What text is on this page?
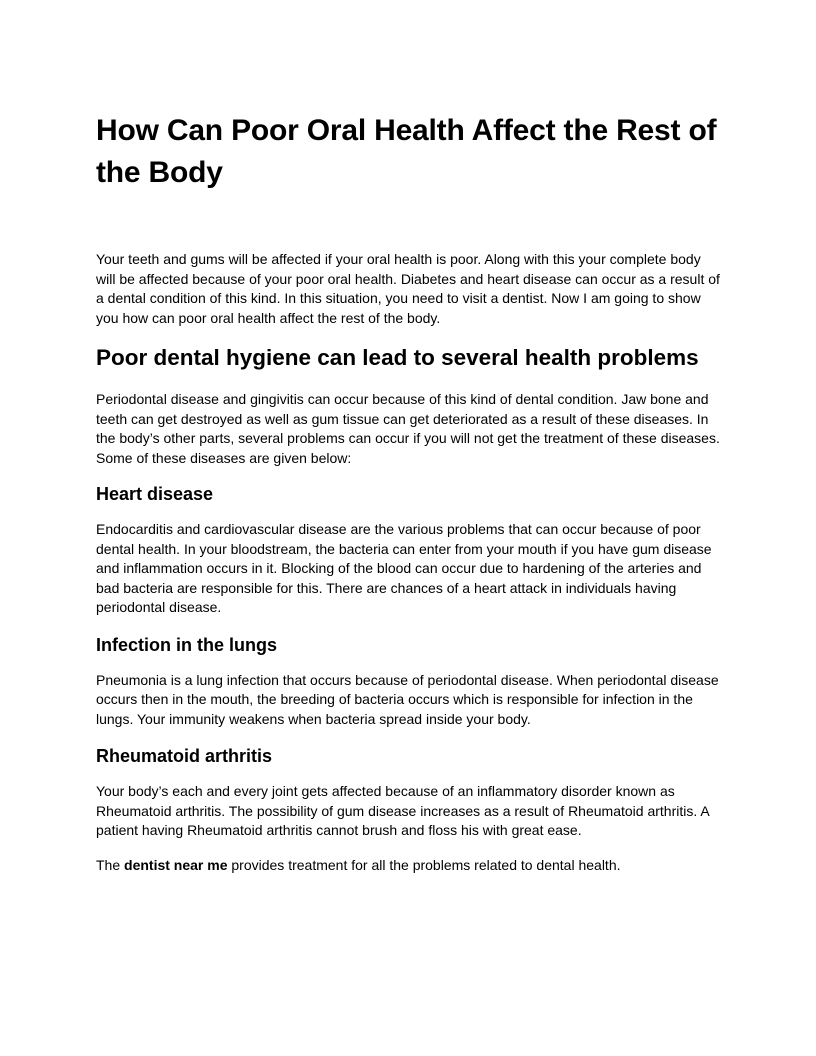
How Can Poor Oral Health Affect the Rest of the Body

Your teeth and gums will be affected if your oral health is poor. Along with this your complete body will be affected because of your poor oral health. Diabetes and heart disease can occur as a result of a dental condition of this kind. In this situation, you need to visit a dentist. Now I am going to show you how can poor oral health affect the rest of the body.

Poor dental hygiene can lead to several health problems

Periodontal disease and gingivitis can occur because of this kind of dental condition. Jaw bone and teeth can get destroyed as well as gum tissue can get deteriorated as a result of these diseases. In the body’s other parts, several problems can occur if you will not get the treatment of these diseases. Some of these diseases are given below:

Heart disease

Endocarditis and cardiovascular disease are the various problems that can occur because of poor dental health. In your bloodstream, the bacteria can enter from your mouth if you have gum disease and inflammation occurs in it. Blocking of the blood can occur due to hardening of the arteries and bad bacteria are responsible for this. There are chances of a heart attack in individuals having periodontal disease.

Infection in the lungs

Pneumonia is a lung infection that occurs because of periodontal disease. When periodontal disease occurs then in the mouth, the breeding of bacteria occurs which is responsible for infection in the lungs. Your immunity weakens when bacteria spread inside your body.

Rheumatoid arthritis

Your body’s each and every joint gets affected because of an inflammatory disorder known as Rheumatoid arthritis. The possibility of gum disease increases as a result of Rheumatoid arthritis. A patient having Rheumatoid arthritis cannot brush and floss his with great ease.

The dentist near me provides treatment for all the problems related to dental health.
